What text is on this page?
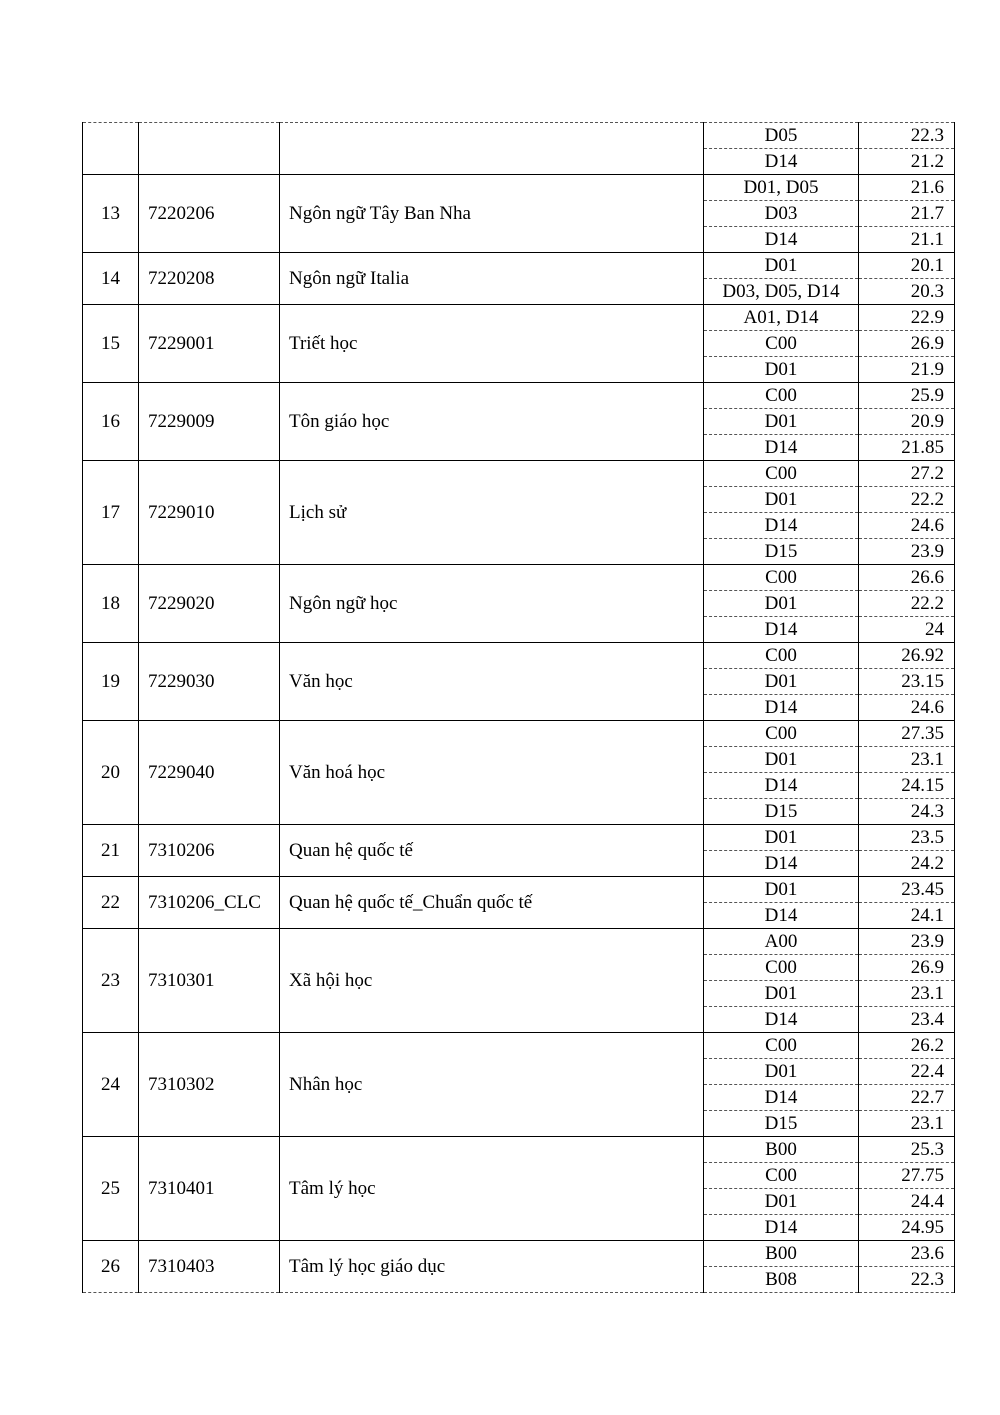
			D05	22.3
			D14	21.2
13	7220206	Ngôn ngữ Tây Ban Nha	D01, D05	21.6
			D03	21.7
			D14	21.1
14	7220208	Ngôn ngữ Italia	D01	20.1
			D03, D05, D14	20.3
15	7229001	Triết học	A01, D14	22.9
			C00	26.9
			D01	21.9
16	7229009	Tôn giáo học	C00	25.9
			D01	20.9
			D14	21.85
17	7229010	Lịch sử	C00	27.2
			D01	22.2
			D14	24.6
			D15	23.9
18	7229020	Ngôn ngữ học	C00	26.6
			D01	22.2
			D14	24
19	7229030	Văn học	C00	26.92
			D01	23.15
			D14	24.6
20	7229040	Văn hoá học	C00	27.35
			D01	23.1
			D14	24.15
			D15	24.3
21	7310206	Quan hệ quốc tế	D01	23.5
			D14	24.2
22	7310206_CLC	Quan hệ quốc tế_Chuẩn quốc tế	D01	23.45
			D14	24.1
23	7310301	Xã hội học	A00	23.9
			C00	26.9
			D01	23.1
			D14	23.4
24	7310302	Nhân học	C00	26.2
			D01	22.4
			D14	22.7
			D15	23.1
25	7310401	Tâm lý học	B00	25.3
			C00	27.75
			D01	24.4
			D14	24.95
26	7310403	Tâm lý học giáo dục	B00	23.6
			B08	22.3
